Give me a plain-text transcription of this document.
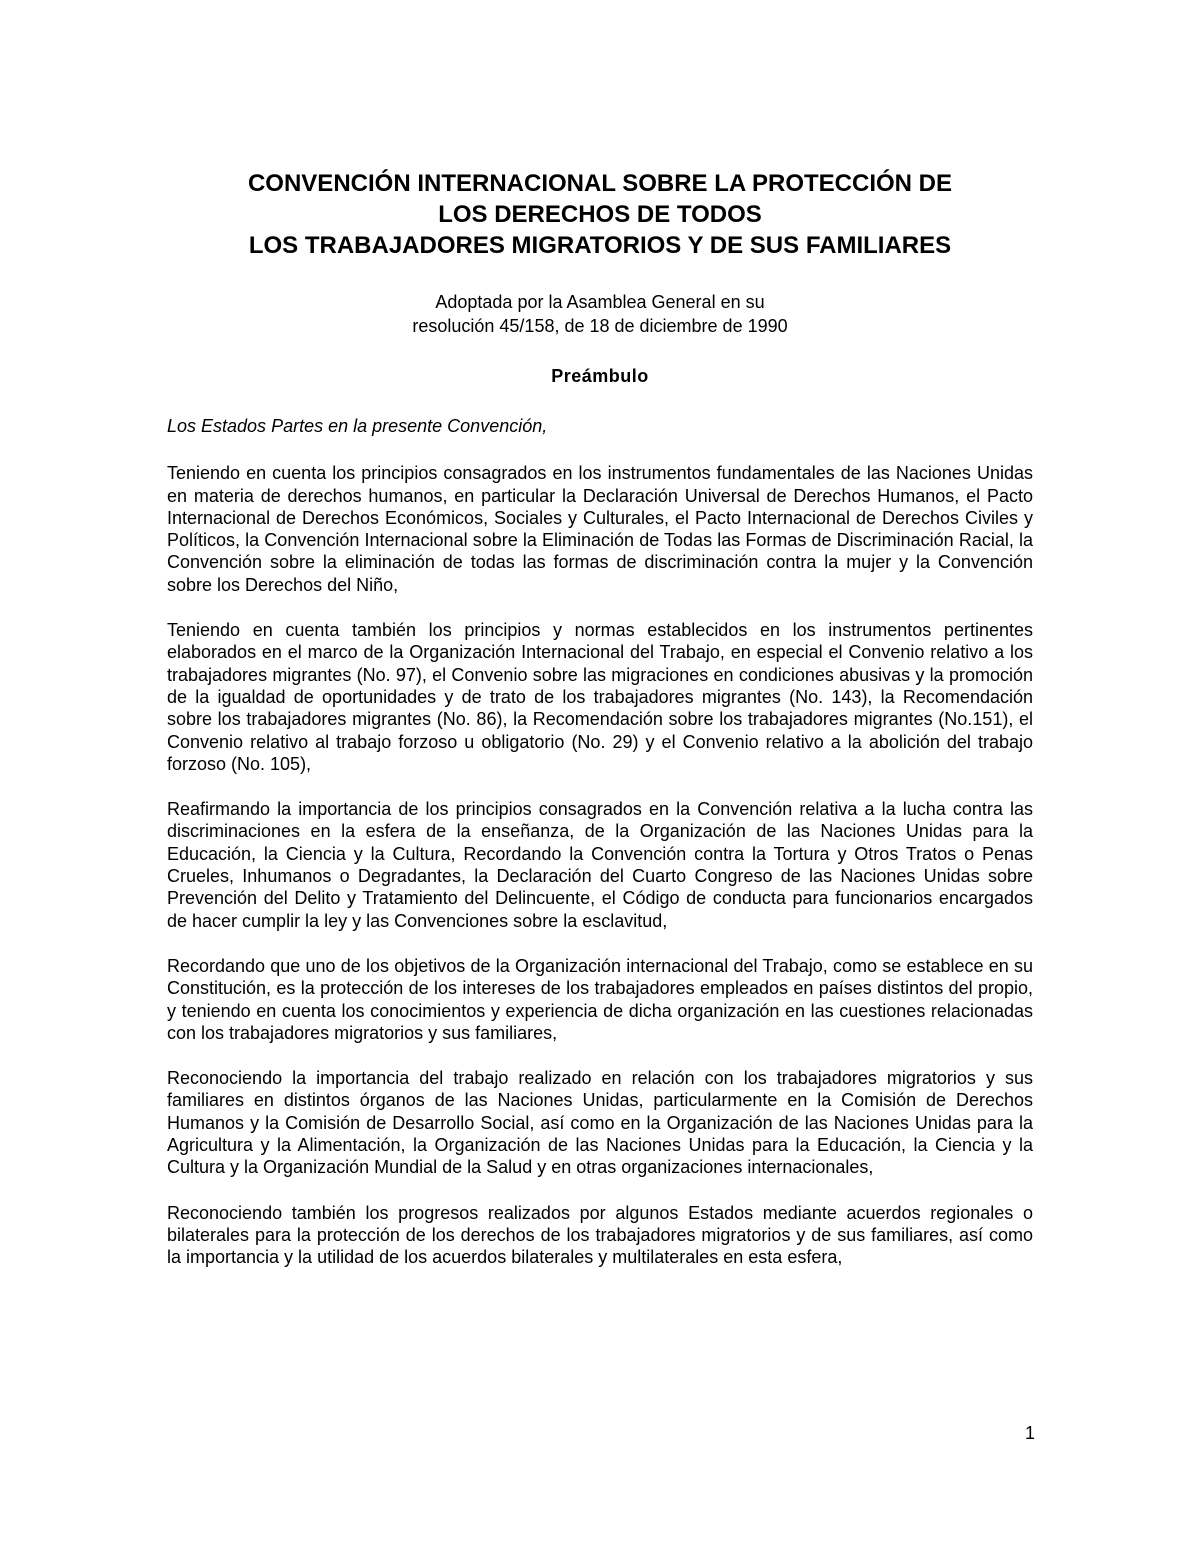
CONVENCIÓN INTERNACIONAL SOBRE LA PROTECCIÓN DE
LOS DERECHOS DE TODOS
LOS TRABAJADORES MIGRATORIOS Y DE SUS FAMILIARES
Adoptada por la Asamblea General en su
resolución 45/158, de 18 de diciembre de 1990
Preámbulo

Los Estados Partes en la presente Convención,

Teniendo en cuenta los principios consagrados en los instrumentos fundamentales de las Naciones Unidas en materia de derechos humanos, en particular la Declaración Universal de Derechos Humanos, el Pacto Internacional de Derechos Económicos, Sociales y Culturales, el Pacto Internacional de Derechos Civiles y Políticos, la Convención Internacional sobre la Eliminación de Todas las Formas de Discriminación Racial, la Convención sobre la eliminación de todas las formas de discriminación contra la mujer y la Convención sobre los Derechos del Niño,

Teniendo en cuenta también los principios y normas establecidos en los instrumentos pertinentes elaborados en el marco de la Organización Internacional del Trabajo, en especial el Convenio relativo a los trabajadores migrantes (No. 97), el Convenio sobre las migraciones en condiciones abusivas y la promoción de la igualdad de oportunidades y de trato de los trabajadores migrantes (No. 143), la Recomendación sobre los trabajadores migrantes (No. 86), la Recomendación sobre los trabajadores migrantes (No.151), el Convenio relativo al trabajo forzoso u obligatorio (No. 29) y el Convenio relativo a la abolición del trabajo forzoso (No. 105),

Reafirmando la importancia de los principios consagrados en la Convención relativa a la lucha contra las discriminaciones en la esfera de la enseñanza, de la Organización de las Naciones Unidas para la Educación, la Ciencia y la Cultura, Recordando la Convención contra la Tortura y Otros Tratos o Penas Crueles, Inhumanos o Degradantes, la Declaración del Cuarto Congreso de las Naciones Unidas sobre Prevención del Delito y Tratamiento del Delincuente, el Código de conducta para funcionarios encargados de hacer cumplir la ley y las Convenciones sobre la esclavitud,

Recordando que uno de los objetivos de la Organización internacional del Trabajo, como se establece en su Constitución, es la protección de los intereses de los trabajadores empleados en países distintos del propio, y teniendo en cuenta los conocimientos y experiencia de dicha organización en las cuestiones relacionadas con los trabajadores migratorios y sus familiares,

Reconociendo la importancia del trabajo realizado en relación con los trabajadores migratorios y sus familiares en distintos órganos de las Naciones Unidas, particularmente en la Comisión de Derechos Humanos y la Comisión de Desarrollo Social, así como en la Organización de las Naciones Unidas para la Agricultura y la Alimentación, la Organización de las Naciones Unidas para la Educación, la Ciencia y la Cultura y la Organización Mundial de la Salud y en otras organizaciones internacionales,

Reconociendo también los progresos realizados por algunos Estados mediante acuerdos regionales o bilaterales para la protección de los derechos de los trabajadores migratorios y de sus familiares, así como la importancia y la utilidad de los acuerdos bilaterales y multilaterales en esta esfera,

1
